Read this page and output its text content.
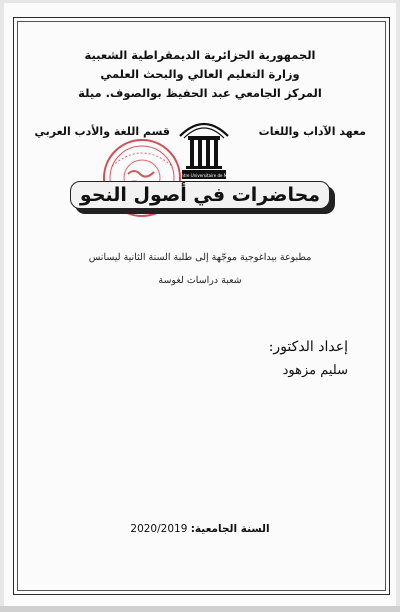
الجمهورية الجزائرية الديمقراطية الشعبية
وزارة التعليم العالي والبحث العلمي
المركز الجامعي عبد الحفيظ بوالصوف. ميلة
قسم اللغة والأدب العربي	معهد الآداب واللغات
Centre Universitaire de Mila
محاضرات في أصول النحو
مطبوعة بيداغوجية موجّهة إلى طلبة السنة الثانية ليسانس
شعبة دراسات لغوسة
إعداد الدكتور:
سليم مزهود
السنة الجامعية: 2020/2019
